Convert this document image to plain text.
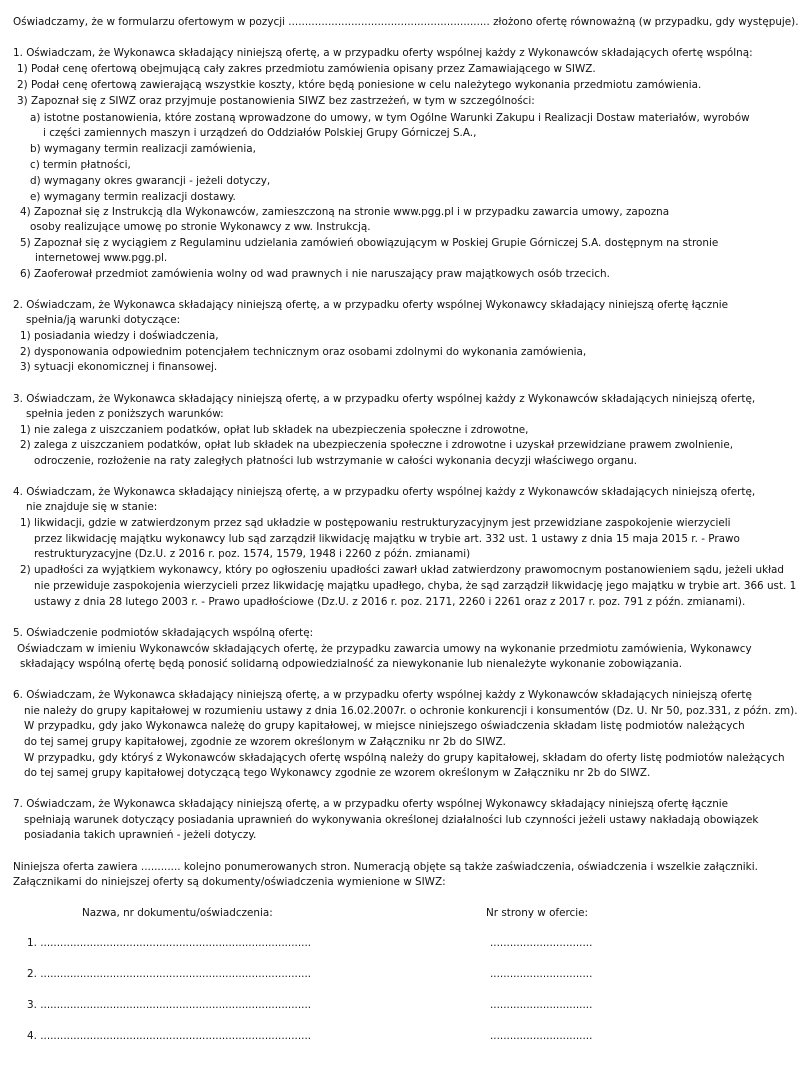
Oświadczamy, że w formularzu ofertowym w pozycji ............................................................. złożono ofertę równoważną (w przypadku, gdy występuje).
1. Oświadczam, że Wykonawca składający niniejszą ofertę, a w przypadku oferty wspólnej każdy z Wykonawców składających ofertę wspólną:
1) Podał cenę ofertową obejmującą cały zakres przedmiotu zamówienia opisany przez Zamawiającego w SIWZ.
2) Podał cenę ofertową zawierającą wszystkie koszty, które będą poniesione w celu należytego wykonania przedmiotu zamówienia.
3) Zapoznał się z SIWZ oraz przyjmuje postanowienia SIWZ bez zastrzeżeń, w tym w szczególności:
a) istotne postanowienia, które zostaną wprowadzone do umowy, w tym Ogólne Warunki Zakupu i Realizacji Dostaw materiałów, wyrobów
i części zamiennych maszyn i urządzeń do Oddziałów Polskiej Grupy Górniczej S.A.,
b) wymagany termin realizacji zamówienia,
c) termin płatności,
d) wymagany okres gwarancji - jeżeli dotyczy,
e) wymagany termin realizacji dostawy.
4) Zapoznał się z Instrukcją dla Wykonawców, zamieszczoną na stronie www.pgg.pl i w przypadku zawarcia umowy, zapozna
osoby realizujące umowę po stronie Wykonawcy z ww. Instrukcją.
5) Zapoznał się z wyciągiem z Regulaminu udzielania zamówień obowiązującym w Poskiej Grupie Górniczej S.A. dostępnym na stronie
internetowej www.pgg.pl.
6) Zaoferował przedmiot zamówienia wolny od wad prawnych i nie naruszający praw majątkowych osób trzecich.
2. Oświadczam, że Wykonawca składający niniejszą ofertę, a w przypadku oferty wspólnej Wykonawcy składający niniejszą ofertę łącznie
spełnia/ją warunki dotyczące:
1) posiadania wiedzy i doświadczenia,
2) dysponowania odpowiednim potencjałem technicznym oraz osobami zdolnymi do wykonania zamówienia,
3) sytuacji ekonomicznej i finansowej.
3. Oświadczam, że Wykonawca składający niniejszą ofertę, a w przypadku oferty wspólnej każdy z Wykonawców składających niniejszą ofertę,
spełnia jeden z poniższych warunków:
1) nie zalega z uiszczaniem podatków, opłat lub składek na ubezpieczenia społeczne i zdrowotne,
2) zalega z uiszczaniem podatków, opłat lub składek na ubezpieczenia społeczne i zdrowotne i uzyskał przewidziane prawem zwolnienie,
odroczenie, rozłożenie na raty zaległych płatności lub wstrzymanie w całości wykonania decyzji właściwego organu.
4. Oświadczam, że Wykonawca składający niniejszą ofertę, a w przypadku oferty wspólnej każdy z Wykonawców składających niniejszą ofertę,
nie znajduje się w stanie:
1) likwidacji, gdzie w zatwierdzonym przez sąd układzie w postępowaniu restrukturyzacyjnym jest przewidziane zaspokojenie wierzycieli
przez likwidację majątku wykonawcy lub sąd zarządził likwidację majątku w trybie art. 332 ust. 1 ustawy z dnia 15 maja 2015 r. - Prawo
restrukturyzacyjne (Dz.U. z 2016 r. poz. 1574, 1579, 1948 i 2260 z późn. zmianami)
2) upadłości za wyjątkiem wykonawcy, który po ogłoszeniu upadłości zawarł układ zatwierdzony prawomocnym postanowieniem sądu, jeżeli układ
nie przewiduje zaspokojenia wierzycieli przez likwidację majątku upadłego, chyba, że sąd zarządził likwidację jego majątku w trybie art. 366 ust. 1
ustawy z dnia 28 lutego 2003 r. - Prawo upadłościowe (Dz.U. z 2016 r. poz. 2171, 2260 i 2261 oraz z 2017 r. poz. 791 z późn. zmianami).
5. Oświadczenie podmiotów składających wspólną ofertę:
Oświadczam w imieniu Wykonawców składających ofertę, że przypadku zawarcia umowy na wykonanie przedmiotu zamówienia, Wykonawcy
składający wspólną ofertę będą ponosić solidarną odpowiedzialność za niewykonanie lub nienależyte wykonanie zobowiązania.
6. Oświadczam, że Wykonawca składający niniejszą ofertę, a w przypadku oferty wspólnej każdy z Wykonawców składających niniejszą ofertę
nie należy do grupy kapitałowej w rozumieniu ustawy z dnia 16.02.2007r. o ochronie konkurencji i konsumentów (Dz. U. Nr 50, poz.331, z późn. zm).
W przypadku, gdy jako Wykonawca należę do grupy kapitałowej, w miejsce niniejszego oświadczenia składam listę podmiotów należących
do tej samej grupy kapitałowej, zgodnie ze wzorem określonym w Załączniku nr 2b do SIWZ.
W przypadku, gdy któryś z Wykonawców składających ofertę wspólną należy do grupy kapitałowej, składam do oferty listę podmiotów należących
do tej samej grupy kapitałowej dotyczącą tego Wykonawcy zgodnie ze wzorem określonym w Załączniku nr 2b do SIWZ.
7. Oświadczam, że Wykonawca składający niniejszą ofertę, a w przypadku oferty wspólnej Wykonawcy składający niniejszą ofertę łącznie
spełniają warunek dotyczący posiadania uprawnień do wykonywania określonej działalności lub czynności jeżeli ustawy nakładają obowiązek
posiadania takich uprawnień - jeżeli dotyczy.
Niniejsza oferta zawiera ............ kolejno ponumerowanych stron. Numeracją objęte są także zaświadczenia, oświadczenia i wszelkie załączniki.
Załącznikami do niniejszej oferty są dokumenty/oświadczenia wymienione w SIWZ:
Nazwa, nr dokumentu/oświadczenia:	Nr strony w ofercie:
1. ..................................................................................	...............................
2. ..................................................................................	...............................
3. ..................................................................................	...............................
4. ..................................................................................	...............................
